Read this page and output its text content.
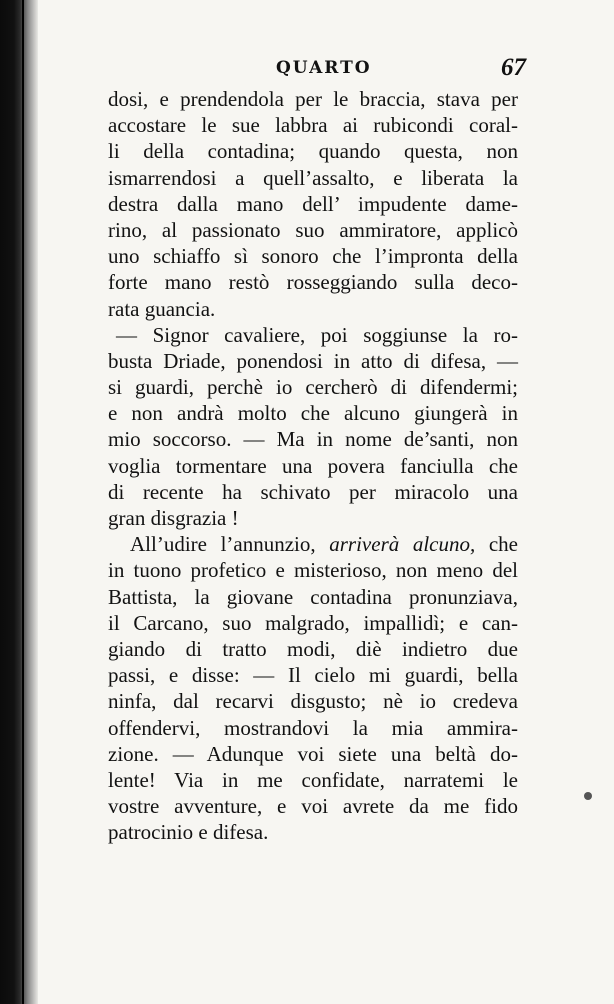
QUARTO	67
dosi, e prendendola per le braccia, stava per
accostare le sue labbra ai rubicondi coral-
li della contadina; quando questa, non
ismarrendosi a quell’assalto, e liberata la
destra dalla mano dell’ impudente dame-
rino, al passionato suo ammiratore, applicò
uno schiaffo sì sonoro che l’impronta della
forte mano restò rosseggiando sulla deco-
rata guancia.
— Signor cavaliere, poi soggiunse la ro-
busta Driade, ponendosi in atto di difesa, —
si guardi, perchè io cercherò di difendermi;
e non andrà molto che alcuno giungerà in
mio soccorso. — Ma in nome de’santi, non
voglia tormentare una povera fanciulla che
di recente ha schivato per miracolo una
gran disgrazia !
All’udire l’annunzio, arriverà alcuno, che
in tuono profetico e misterioso, non meno del
Battista, la giovane contadina pronunziava,
il Carcano, suo malgrado, impallidì; e can-
giando di tratto modi, diè indietro due
passi, e disse: — Il cielo mi guardi, bella
ninfa, dal recarvi disgusto; nè io credeva
offendervi, mostrandovi la mia ammira-
zione. — Adunque voi siete una beltà do-
lente! Via in me confidate, narratemi le
vostre avventure, e voi avrete da me fido
patrocinio e difesa.
